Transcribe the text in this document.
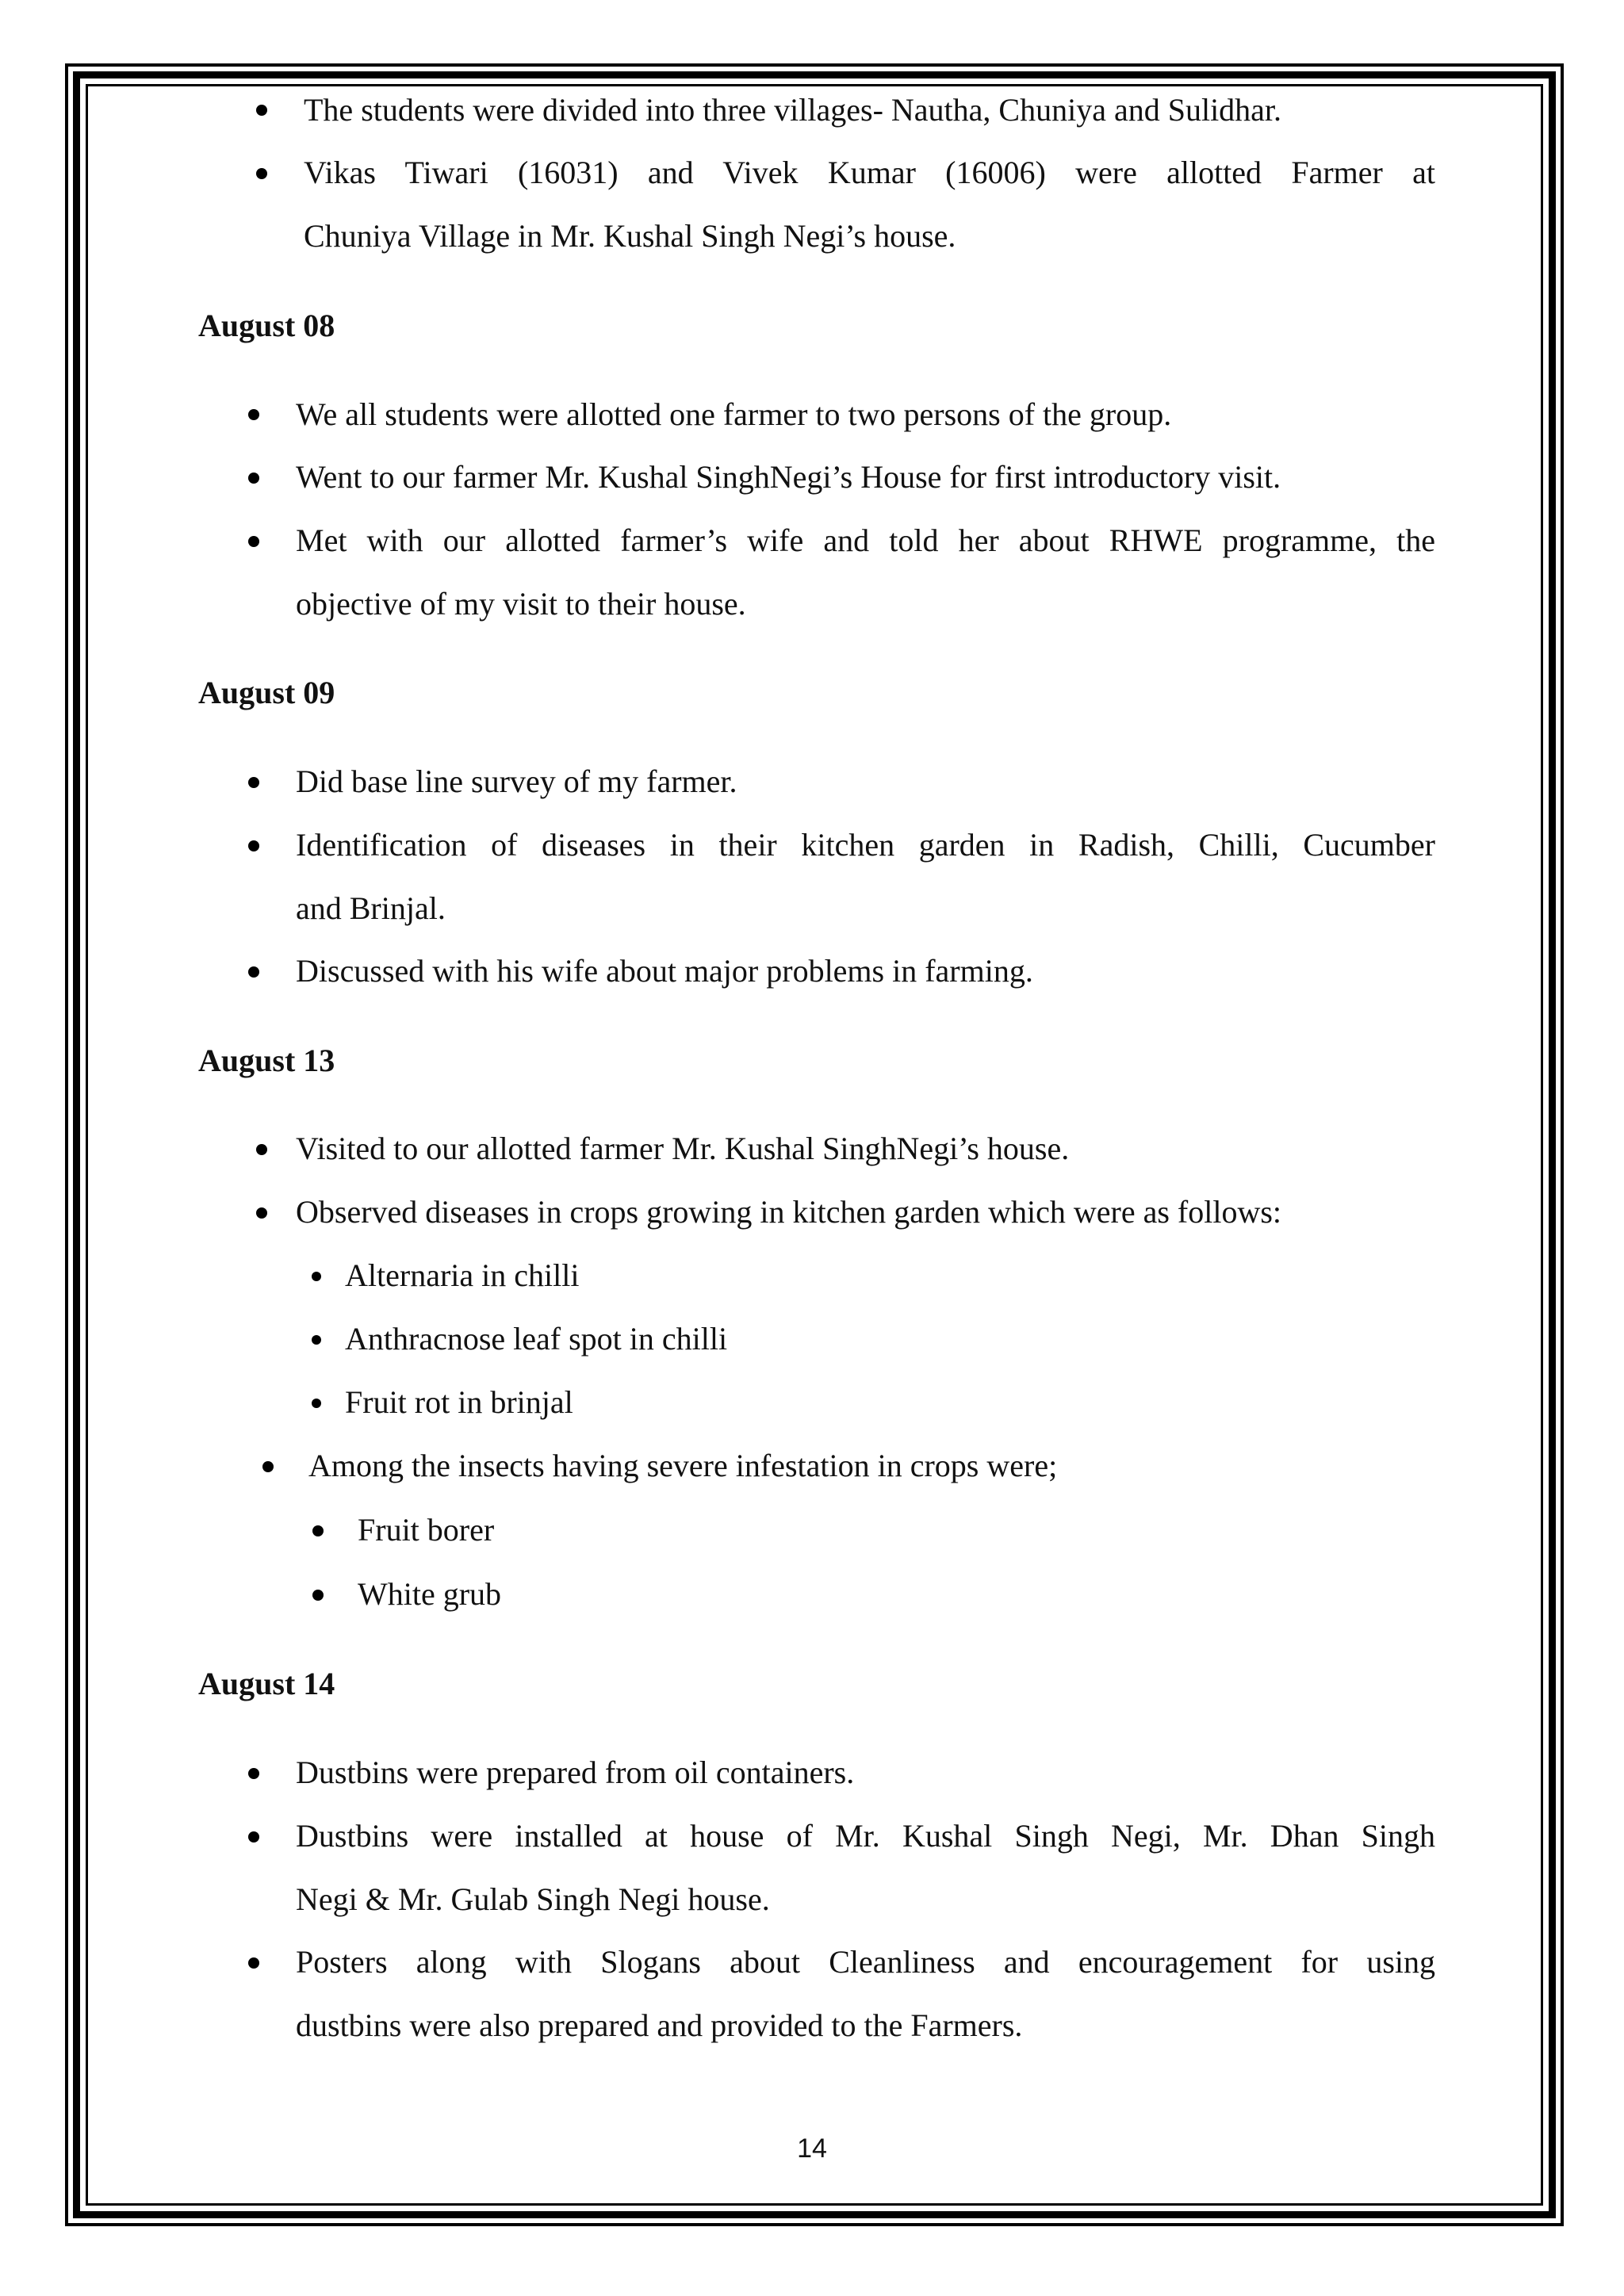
The students were divided into three villages- Nautha, Chuniya and Sulidhar.
Vikas Tiwari (16031) and Vivek Kumar (16006) were allotted Farmer at
Chuniya Village in Mr. Kushal Singh Negi’s house.
August 08
We all students were allotted one farmer to two persons of the group.
Went to our farmer Mr. Kushal SinghNegi’s House for first introductory visit.
Met with our allotted farmer’s wife and told her about RHWE programme, the
objective of my visit to their house.
August 09
Did base line survey of my farmer.
Identification of diseases in their kitchen garden in Radish, Chilli, Cucumber
and Brinjal.
Discussed with his wife about major problems in farming.
August 13
Visited to our allotted farmer Mr. Kushal SinghNegi’s house.
Observed diseases in crops growing in kitchen garden which were as follows:
Alternaria in chilli
Anthracnose leaf spot in chilli
Fruit rot in brinjal
Among the insects having severe infestation in crops were;
Fruit borer
White grub
August 14
Dustbins were prepared from oil containers.
Dustbins were installed at house of Mr. Kushal Singh Negi, Mr. Dhan Singh
Negi & Mr. Gulab Singh Negi house.
Posters along with Slogans about Cleanliness and encouragement for using
dustbins were also prepared and provided to the Farmers.
14
